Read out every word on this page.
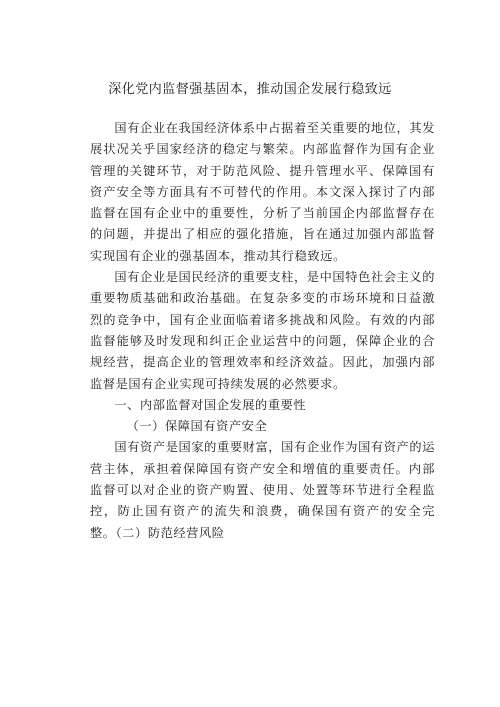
深化党内监督强基固本，推动国企发展行稳致远

国有企业在我国经济体系中占据着至关重要的地位，其发展状况关乎国家经济的稳定与繁荣。内部监督作为国有企业管理的关键环节，对于防范风险、提升管理水平、保障国有资产安全等方面具有不可替代的作用。本文深入探讨了内部监督在国有企业中的重要性，分析了当前国企内部监督存在的问题，并提出了相应的强化措施，旨在通过加强内部监督实现国有企业的强基固本，推动其行稳致远。

国有企业是国民经济的重要支柱，是中国特色社会主义的重要物质基础和政治基础。在复杂多变的市场环境和日益激烈的竞争中，国有企业面临着诸多挑战和风险。有效的内部监督能够及时发现和纠正企业运营中的问题，保障企业的合规经营，提高企业的管理效率和经济效益。因此，加强内部监督是国有企业实现可持续发展的必然要求。

一、内部监督对国企发展的重要性

（一）保障国有资产安全

国有资产是国家的重要财富，国有企业作为国有资产的运营主体，承担着保障国有资产安全和增值的重要责任。内部监督可以对企业的资产购置、使用、处置等环节进行全程监控，防止国有资产的流失和浪费，确保国有资产的安全完整。（二）防范经营风险
